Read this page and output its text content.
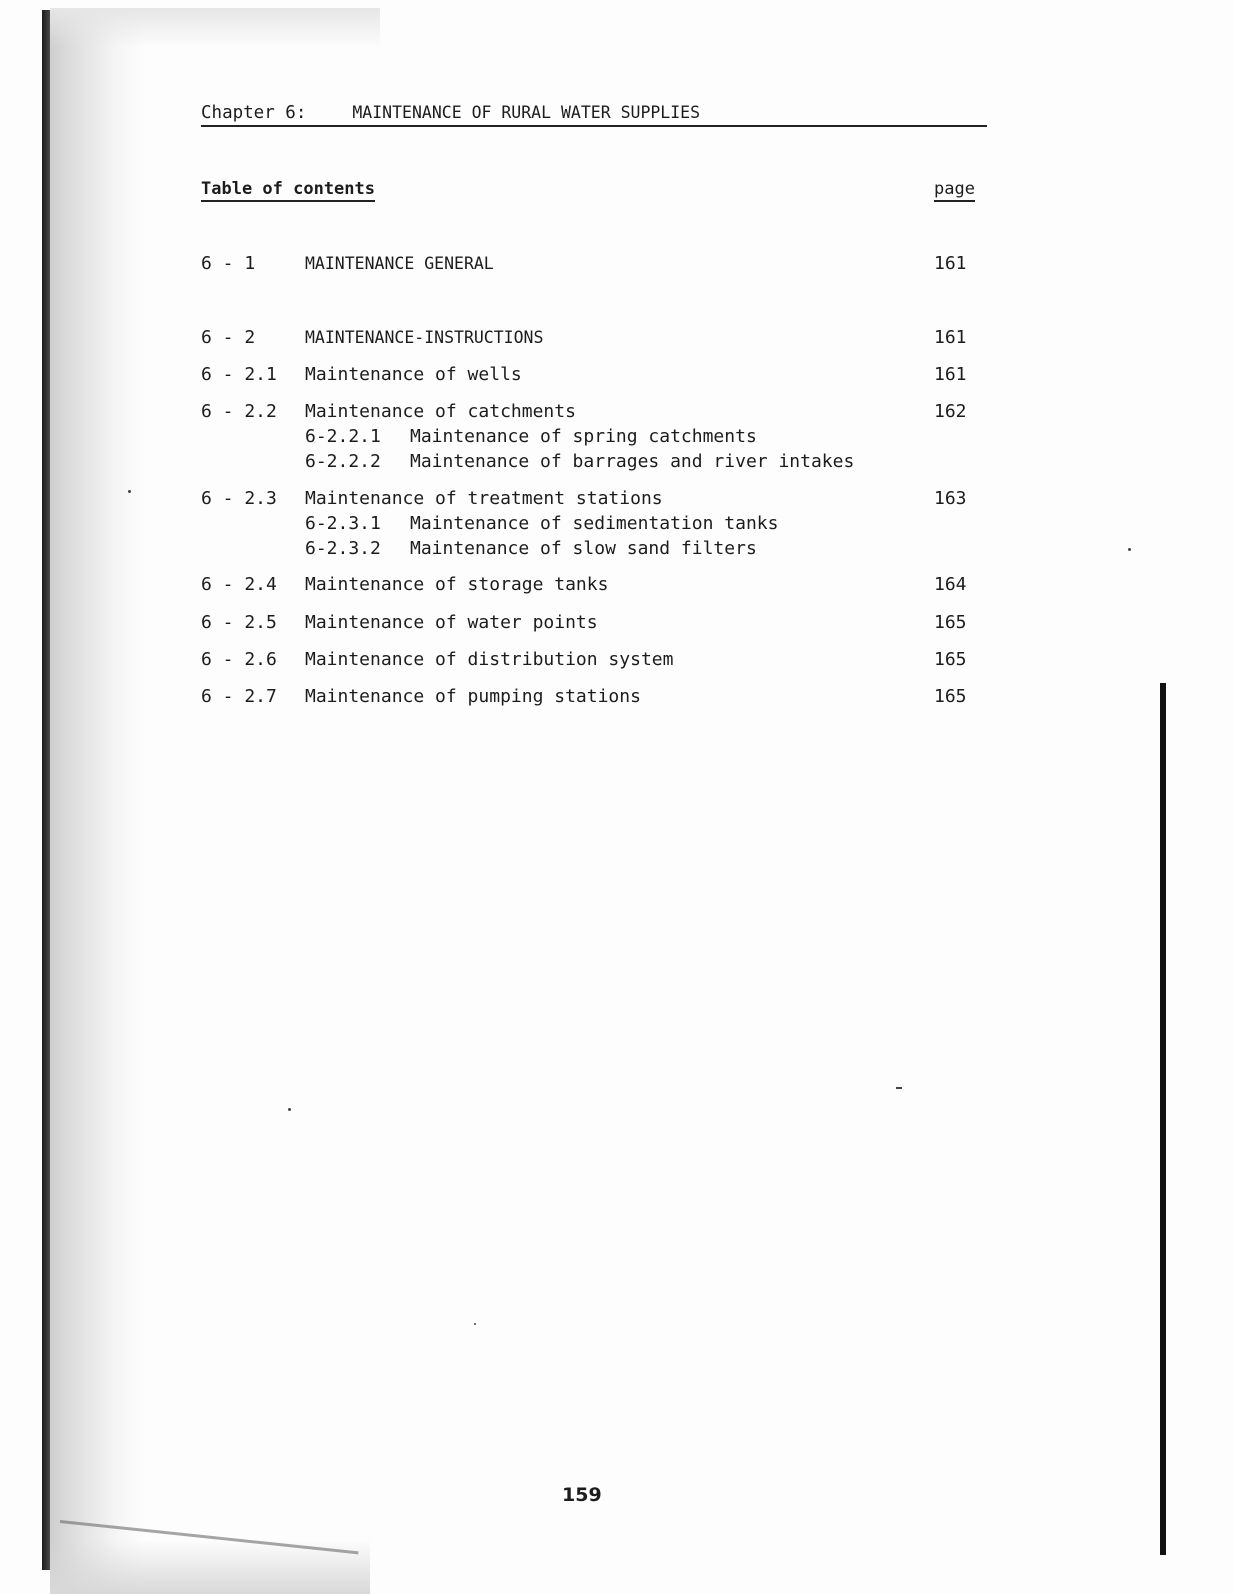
Chapter 6:	MAINTENANCE OF RURAL WATER SUPPLIES
Table of contents	page
6 - 1	MAINTENANCE GENERAL	161
6 - 2	MAINTENANCE-INSTRUCTIONS	161
6 - 2.1 Maintenance of wells	161
6 - 2.2 Maintenance of catchments	162
6-2.2.1 Maintenance of spring catchments
6-2.2.2 Maintenance of barrages and river intakes
6 - 2.3 Maintenance of treatment stations	163
6-2.3.1 Maintenance of sedimentation tanks
6-2.3.2 Maintenance of slow sand filters
6 - 2.4 Maintenance of storage tanks	164
6 - 2.5 Maintenance of water points	165
6 - 2.6 Maintenance of distribution system	165
6 - 2.7 Maintenance of pumping stations	165
159
